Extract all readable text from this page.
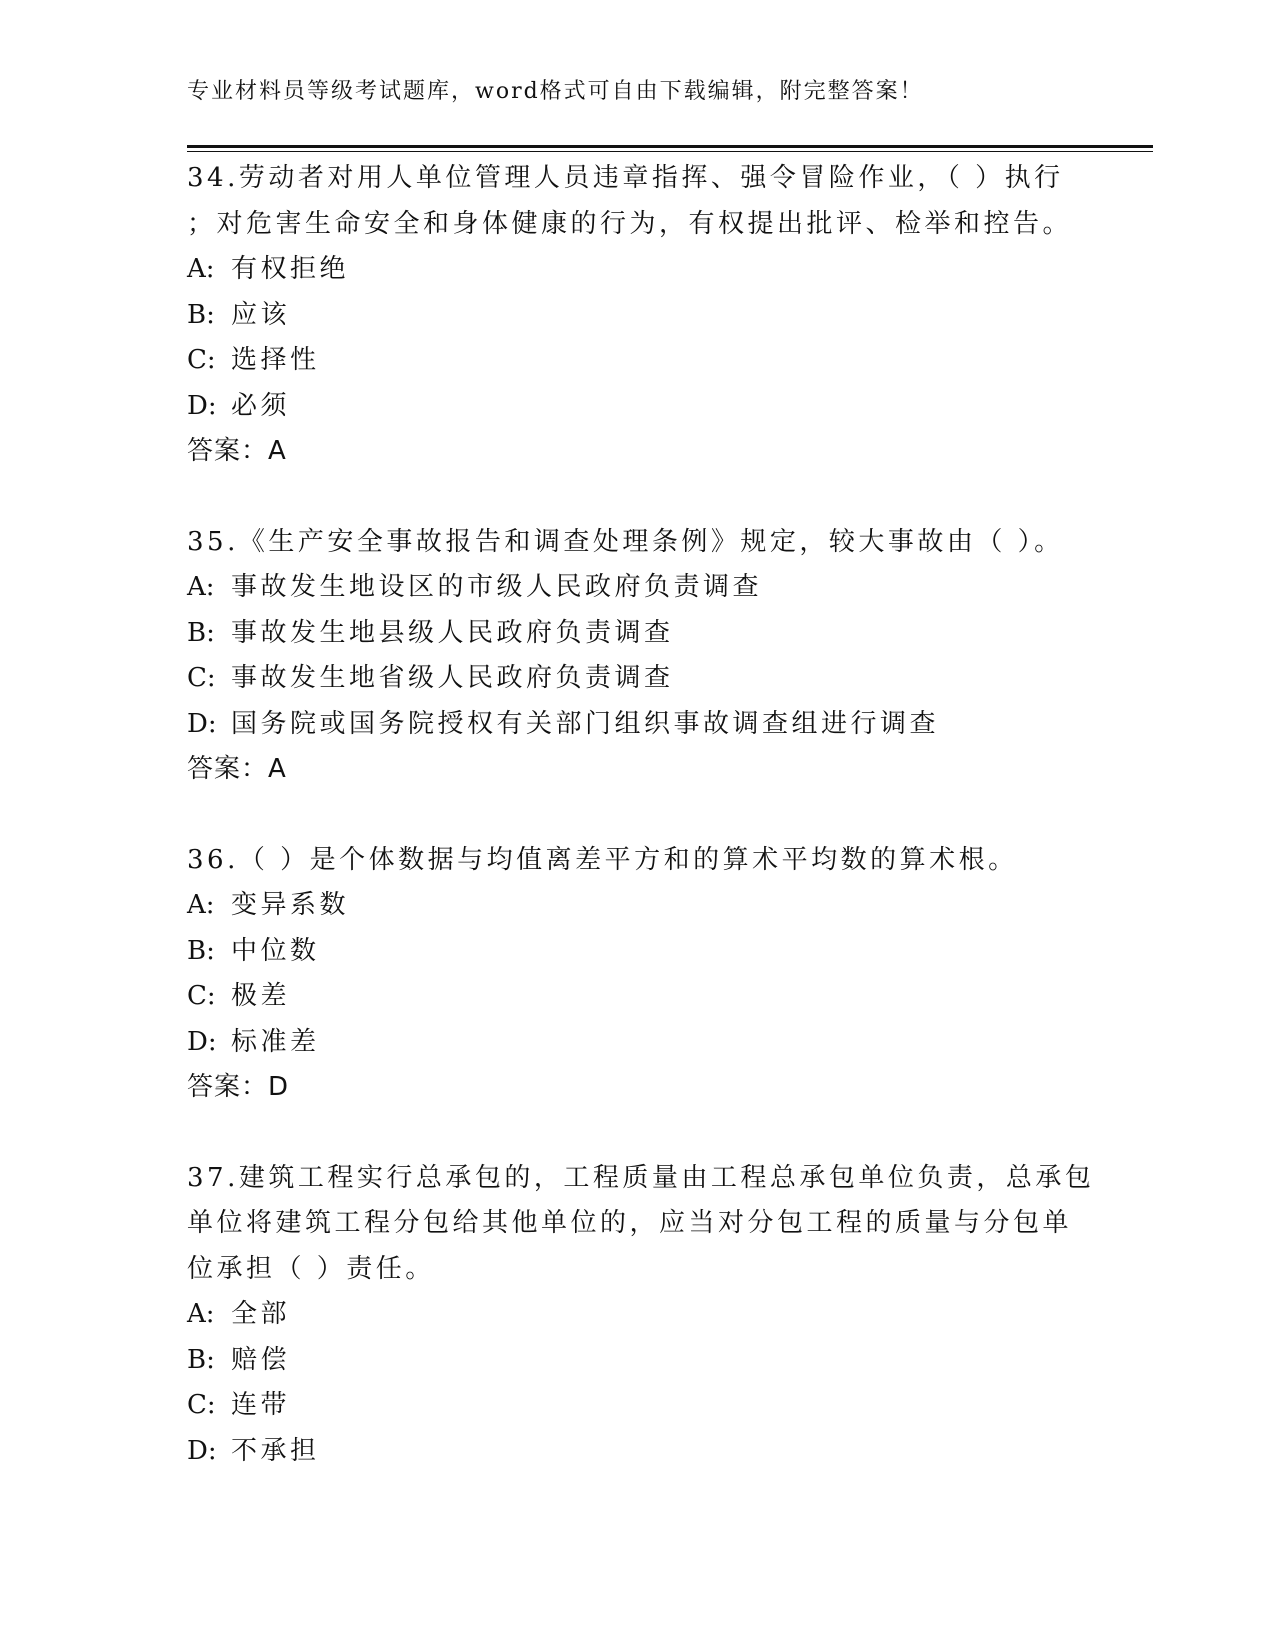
专业材料员等级考试题库，word格式可自由下载编辑，附完整答案！
34.劳动者对用人单位管理人员违章指挥、强令冒险作业，（ ）执行
；对危害生命安全和身体健康的行为，有权提出批评、检举和控告。
A: 有权拒绝
B: 应该
C: 选择性
D: 必须
答案：A
35.《生产安全事故报告和调查处理条例》规定，较大事故由（ ）。
A: 事故发生地设区的市级人民政府负责调查
B: 事故发生地县级人民政府负责调查
C: 事故发生地省级人民政府负责调查
D: 国务院或国务院授权有关部门组织事故调查组进行调查
答案：A
36.（ ）是个体数据与均值离差平方和的算术平均数的算术根。
A: 变异系数
B: 中位数
C: 极差
D: 标准差
答案：D
37.建筑工程实行总承包的，工程质量由工程总承包单位负责，总承包
单位将建筑工程分包给其他单位的，应当对分包工程的质量与分包单
位承担（ ）责任。
A: 全部
B: 赔偿
C: 连带
D: 不承担
